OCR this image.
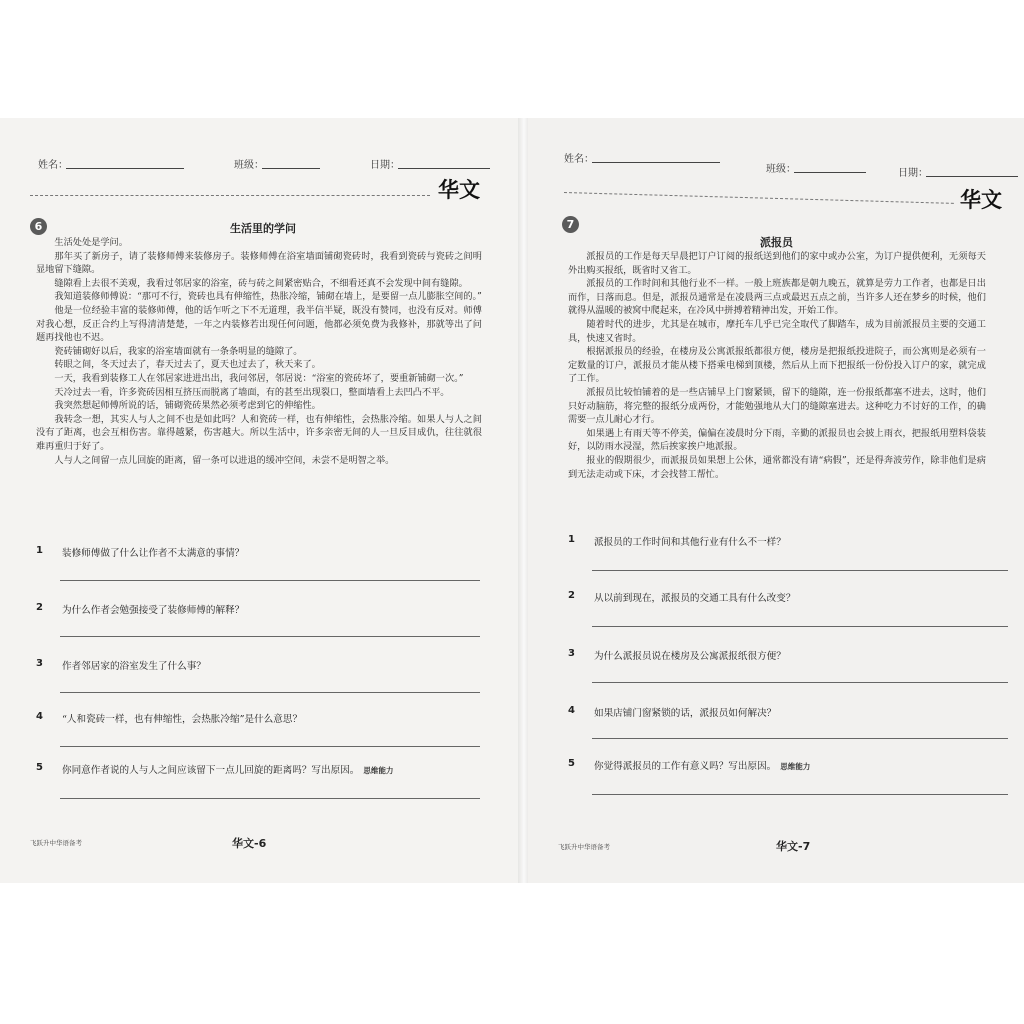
姓名：	班级：	日期：
华文
6	生活里的学问

生活处处是学问。

那年买了新房子，请了装修师傅来装修房子。装修师傅在浴室墙面铺砌瓷砖时，我看到瓷砖与瓷砖之间明显地留下缝隙。

缝隙看上去很不美观，我看过邻居家的浴室，砖与砖之间紧密贴合，不细看还真不会发现中间有缝隙。

我知道装修师傅说：“那可不行，瓷砖也具有伸缩性，热胀冷缩，铺砌在墙上，是要留一点儿膨胀空间的。”

他是一位经验丰富的装修师傅，他的话乍听之下不无道理，我半信半疑，既没有赞同，也没有反对。师傅对我心想，反正合约上写得清清楚楚，一年之内装修若出现任何问题，他都必须免费为我修补，那就等出了问题再找他也不迟。

瓷砖铺砌好以后，我家的浴室墙面就有一条条明显的缝隙了。

转眼之间，冬天过去了，春天过去了，夏天也过去了，秋天来了。

一天，我看到装修工人在邻居家进进出出，我问邻居，邻居说：“浴室的瓷砖坏了，要重新铺砌一次。”

天冷过去一看，许多瓷砖因相互挤压而脱离了墙面，有的甚至出现裂口，整面墙看上去凹凸不平。

我突然想起师傅所说的话，铺砌瓷砖果然必须考虑到它的伸缩性。

我转念一想，其实人与人之间不也是如此吗？人和瓷砖一样，也有伸缩性，会热胀冷缩。如果人与人之间没有了距离，也会互相伤害。靠得越紧，伤害越大。所以生活中，许多亲密无间的人一旦反目成仇，往往就很难再重归于好了。

人与人之间留一点儿回旋的距离，留一条可以进退的缓冲空间，未尝不是明智之举。

1 装修师傅做了什么让作者不太满意的事情？
2 为什么作者会勉强接受了装修师傅的解释？
3 作者邻居家的浴室发生了什么事？
4 “人和瓷砖一样，也有伸缩性，会热胀冷缩”是什么意思？
5 你同意作者说的人与人之间应该留下一点儿回旋的距离吗？写出原因。 思维能力
飞跃升中华语备考	华文-6
姓名：
班级：	日期：
华文
7
派报员

派报员的工作是每天早晨把订户订阅的报纸送到他们的家中或办公室，为订户提供便利，无须每天外出购买报纸，既省时又省工。

派报员的工作时间和其他行业不一样。一般上班族都是朝九晚五，就算是劳力工作者，也都是日出而作，日落而息。但是，派报员通常是在凌晨两三点或最迟五点之前，当许多人还在梦乡的时候，他们就得从温暖的被窝中爬起来，在冷风中拼搏着精神出发，开始工作。

随着时代的进步，尤其是在城市，摩托车几乎已完全取代了脚踏车，成为目前派报员主要的交通工具，快速又省时。

根据派报员的经验，在楼房及公寓派报纸都很方便，楼房是把报纸投进院子，而公寓则是必须有一定数量的订户，派报员才能从楼下搭乘电梯到顶楼，然后从上而下把报纸一份份投入订户的家，就完成了工作。

派报员比较怕铺着的是一些店铺早上门窗紧锁，留下的缝隙，连一份报纸都塞不进去，这时，他们只好动脑筋，将完整的报纸分成两份，才能勉强地从大门的缝隙塞进去。这种吃力不讨好的工作，的确需要一点儿耐心才行。

如果遇上有雨天等不停美，偏偏在凌晨时分下雨，辛勤的派报员也会披上雨衣，把报纸用塑料袋装好，以防雨水浸湿，然后挨家挨户地派报。

报业的假期很少，而派报员如果想上公休，通常都没有请“病假”，还是得奔波劳作，除非他们是病到无法走动或下床，才会找替工帮忙。

1 派报员的工作时间和其他行业有什么不一样？
2 从以前到现在，派报员的交通工具有什么改变？
3 为什么派报员说在楼房及公寓派报纸很方便？
4 如果店铺门窗紧锁的话，派报员如何解决？
5 你觉得派报员的工作有意义吗？写出原因。 思维能力
飞跃升中华语备考	华文-7
